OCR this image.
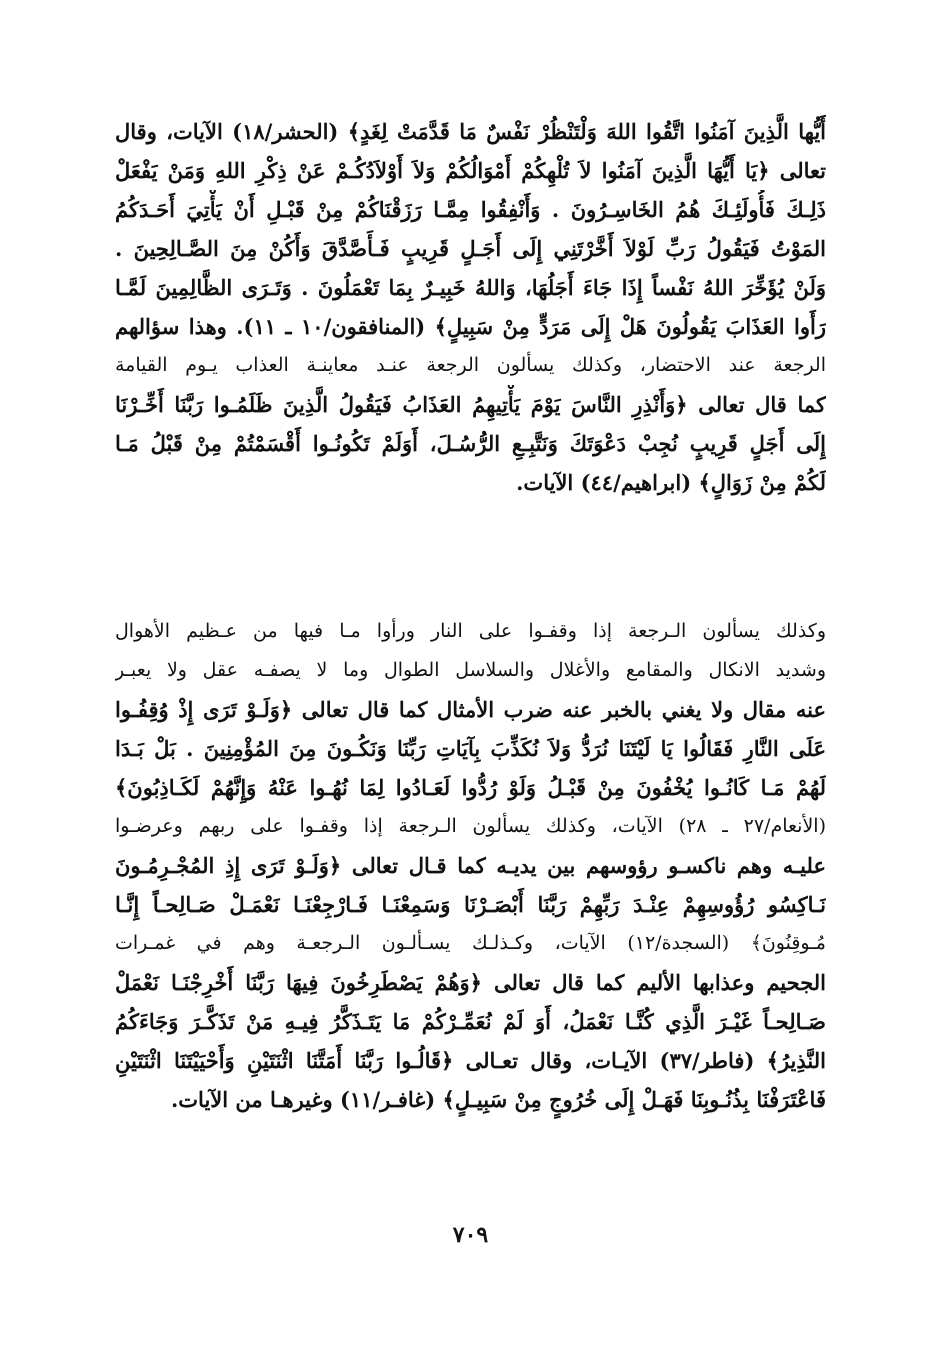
أَيُّها الَّذِينَ آمَنُوا اتَّقُوا اللهَ وَلْتَنْظُرْ نَفْسٌ مَا قَدَّمَتْ لِغَدٍ﴾ (الحشر/١٨) الآيات، وقال
تعالى ﴿يَا أَيُّهَا الَّذِينَ آمَنُوا لاَ تُلْهِكُمْ أَمْوَالُكُمْ وَلاَ أَوْلاَدُكُـمْ عَنْ ذِكْرِ اللهِ وَمَنْ يَفْعَلْ
ذَلِـكَ فَأُولَئِـكَ هُمُ الخَاسِـرُونَ . وَأَنْفِقُوا مِمَّـا رَزَقْنَاكُمْ مِنْ قَبْـلِ أَنْ يَأْتِيَ أَحَـدَكُمُ
المَوْتُ فَيَقُولُ رَبِّ لَوْلاَ أَخَّرْتَنِي إِلَى أَجَـلٍ قَرِيبٍ فَـأَصَّدَّقَ وَأَكُنْ مِنَ الصَّـالِحِينَ .
وَلَنْ يُؤَخِّرَ اللهُ نَفْساً إِذَا جَاءَ أَجَلُهَا، وَاللهُ خَبِيـرٌ بِمَا تَعْمَلُونَ . وَتَـرَى الظَّالِمِينَ لَمَّـا
رَأَوا العَذَابَ يَقُولُونَ هَلْ إِلَى مَرَدٍّ مِنْ سَبِيلٍ﴾ (المنافقون/١٠ ـ ١١). وهذا سؤالهم
الرجعة عند الاحتضار، وكذلك يسألون الرجعة عنـد معاينـة العذاب يـوم القيامة
كما قال تعالى ﴿وَأَنْذِرِ النَّاسَ يَوْمَ يَأْتِيهِمُ العَذَابُ فَيَقُولُ الَّذِينَ ظَلَمُـوا رَبَّنَا أَخِّـرْنَا
إِلَى أَجَلٍ قَرِيبٍ نُجِبْ دَعْوَتَكَ وَنَتَّبِـعِ الرُّسُـلَ، أَوَلَمْ تَكُونُـوا أَقْسَمْتُمْ مِنْ قَبْلُ مَـا
لَكُمْ مِنْ زَوَالٍ﴾ (ابراهيم/٤٤) الآيات.
وكذلك يسألون الـرجعة إذا وقفـوا على النار ورأوا مـا فيها من عـظيم الأهوال
وشديد الانكال والمقامع والأغلال والسلاسل الطوال وما لا يصفـه عقل ولا يعبـر
عنه مقال ولا يغني بالخبر عنه ضرب الأمثال كما قال تعالى ﴿وَلَـوْ تَرَى إِذْ وُقِفُـوا
عَلَى النَّارِ فَقَالُوا يَا لَيْتَنَا نُرَدُّ وَلاَ نُكَذِّبَ بِآيَاتِ رَبِّنَا وَنَكُـونَ مِنَ المُؤْمِنِينَ . بَلْ بَـدَا
لَهُمْ مَـا كَانُـوا يُخْفُونَ مِنْ قَبْـلُ وَلَوْ رُدُّوا لَعَـادُوا لِمَا نُهُـوا عَنْهُ وَإِنَّهُمْ لَكَـاذِبُونَ﴾
(الأنعام/٢٧ ـ ٢٨) الآيات، وكذلك يسألون الـرجعة إذا وقفـوا على ربهم وعرضـوا
عليـه وهم ناكسـو رؤوسهم بين يديـه كما قـال تعالى ﴿وَلَـوْ تَرَى إِذِ المُجْـرِمُـونَ
نَـاكِسُو رُؤُوسِهِمْ عِنْـدَ رَبِّهِمْ رَبَّنَا أَبْصَـرْنَا وَسَمِعْنَـا فَـارْجِعْنَـا نَعْمَـلْ صَـالِحـاً إِنَّـا
مُـوقِنُونَ﴾ (السجدة/١٢) الآيات، وكـذلـك يسـألـون الـرجعـة وهم في غمـرات
الجحيم وعذابها الأليم كما قال تعالى ﴿وَهُمْ يَصْطَرِخُونَ فِيهَا رَبَّنَا أَخْرِجْنَـا نَعْمَلْ
صَـالِحـاً غَيْـرَ الَّذِي كُنَّـا نَعْمَلُ، أَوَ لَمْ نُعَمِّـرْكُمْ مَا يَتَـذَكَّرُ فِيـهِ مَنْ تَذَكَّـرَ وَجَاءَكُمُ
النَّذِيرُ﴾ (فاطر/٣٧) الآيـات، وقال تعـالى ﴿قَالُـوا رَبَّنَا أَمَتَّنَا اثْنَتَيْنِ وَأَحْيَيْتَنَا اثْنَتَيْنِ
فَاعْتَرَفْنَا بِذُنُـوبِنَا فَهَـلْ إِلَى خُرُوجٍ مِنْ سَبِيـلٍ﴾ (غافـر/١١) وغيرهـا من الآيات.
٧٠٩
